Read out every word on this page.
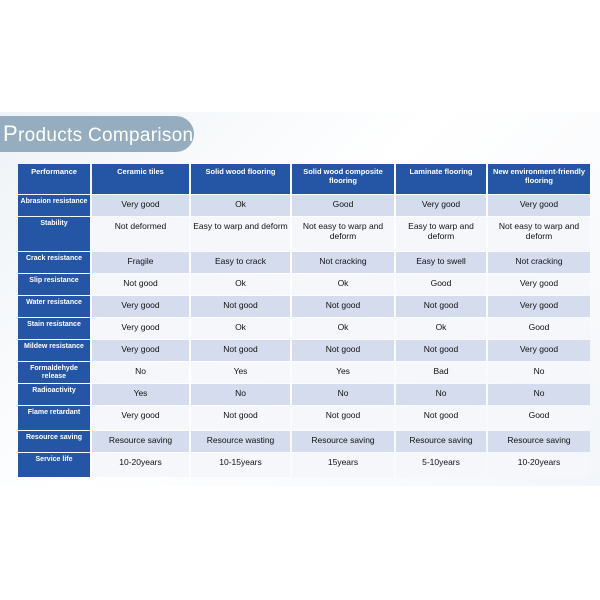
Products Comparison
Performance	Ceramic tiles	Solid wood flooring	Solid wood composite flooring	Laminate flooring	New environment-friendly flooring
Abrasion resistance	Very good	Ok	Good	Very good	Very good
Stability	Not deformed	Easy to warp and deform	Not easy to warp and deform	Easy to warp and deform	Not easy to warp and deform
Crack resistance	Fragile	Easy to crack	Not cracking	Easy to swell	Not cracking
Slip resistance	Not good	Ok	Ok	Good	Very good
Water resistance	Very good	Not good	Not good	Not good	Very good
Stain resistance	Very good	Ok	Ok	Ok	Good
Mildew resistance	Very good	Not good	Not good	Not good	Very good
Formaldehyde release	No	Yes	Yes	Bad	No
Radioactivity	Yes	No	No	No	No
Flame retardant	Very good	Not good	Not good	Not good	Good
Resource saving	Resource saving	Resource wasting	Resource saving	Resource saving	Resource saving
Service life	10-20years	10-15years	15years	5-10years	10-20years
